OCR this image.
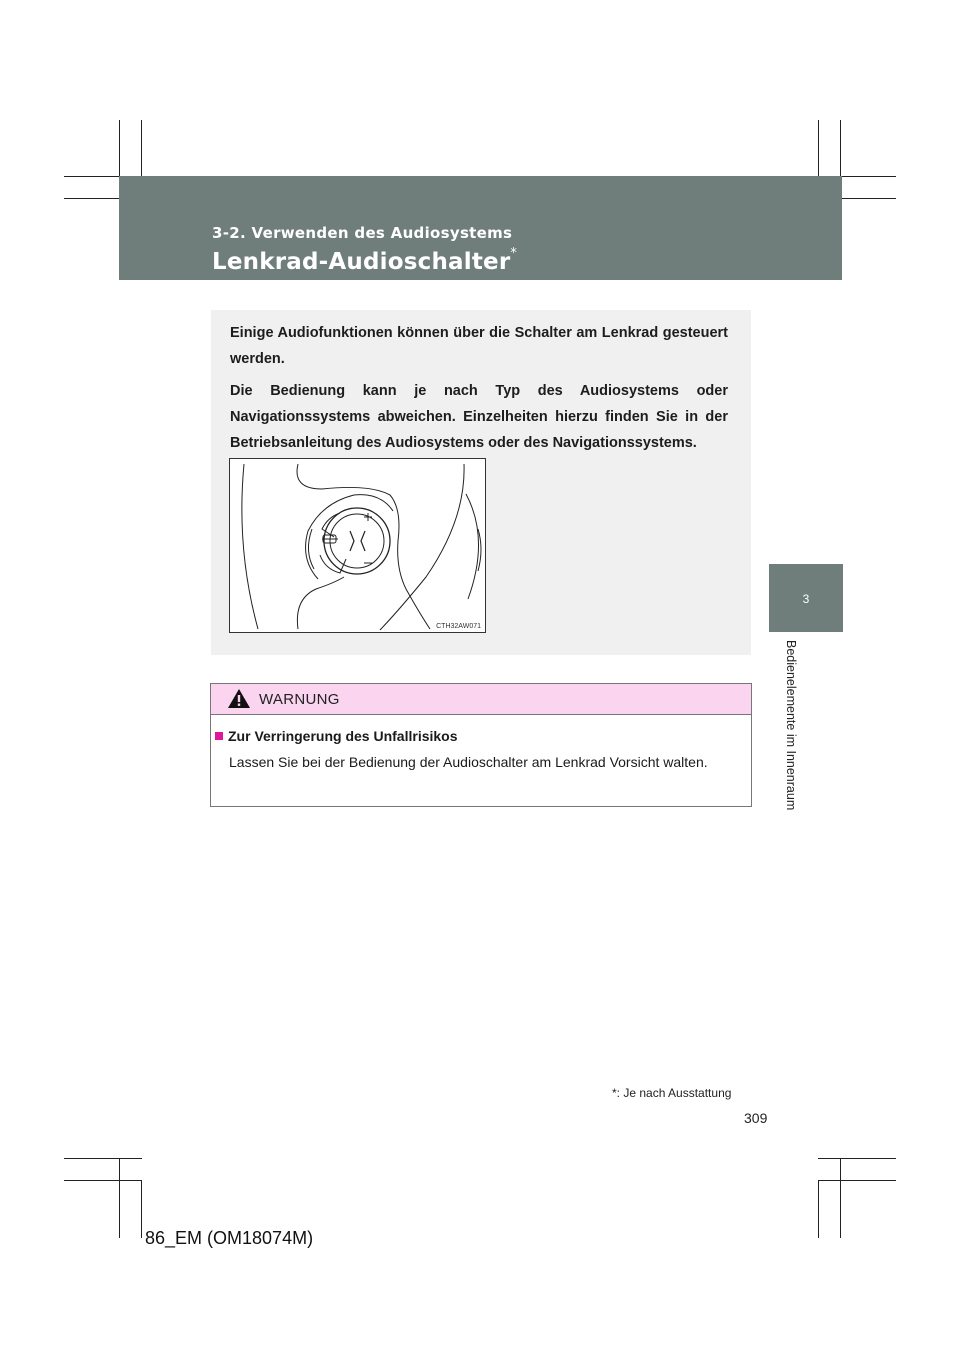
3-2. Verwenden des Audiosystems
Lenkrad-Audioschalter*
3
Bedienelemente im Innenraum

Einige Audiofunktionen können über die Schalter am Lenkrad gesteuert werden.

Die Bedienung kann je nach Typ des Audiosystems oder Navigationssystems abweichen. Einzelheiten hierzu finden Sie in der Betriebsanleitung des Audiosystems oder des Navigationssystems.

CTH32AW071
WARNUNG
Zur Verringerung des Unfallrisikos
Lassen Sie bei der Bedienung der Audioschalter am Lenkrad Vorsicht walten.
*: Je nach Ausstattung
309
86_EM (OM18074M)
